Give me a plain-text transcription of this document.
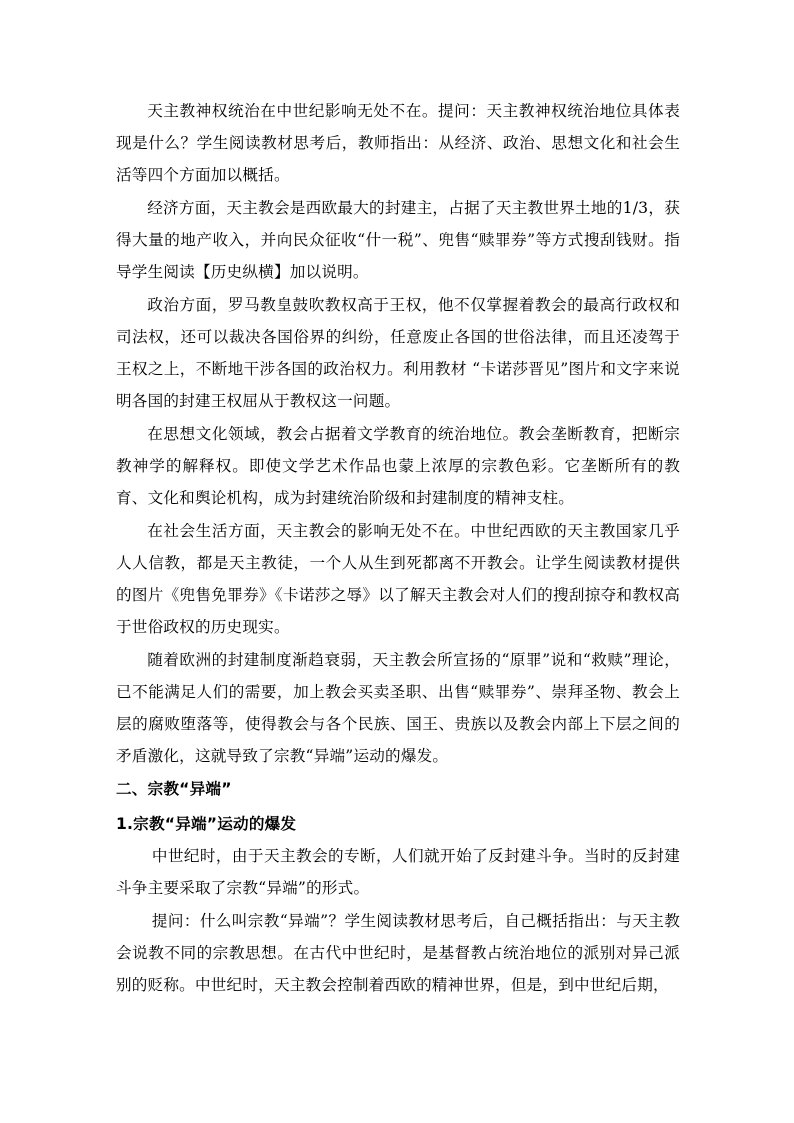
天主教神权统治在中世纪影响无处不在。提问：天主教神权统治地位具体表现是什么？学生阅读教材思考后，教师指出：从经济、政治、思想文化和社会生活等四个方面加以概括。

经济方面，天主教会是西欧最大的封建主，占据了天主教世界土地的1/3，获得大量的地产收入，并向民众征收“什一税”、兜售“赎罪券”等方式搜刮钱财。指导学生阅读【历史纵横】加以说明。

政治方面，罗马教皇鼓吹教权高于王权，他不仅掌握着教会的最高行政权和司法权，还可以裁决各国俗界的纠纷，任意废止各国的世俗法律，而且还凌驾于王权之上，不断地干涉各国的政治权力。利用教材 “卡诺莎晋见”图片和文字来说明各国的封建王权屈从于教权这一问题。

在思想文化领域，教会占据着文学教育的统治地位。教会垄断教育，把断宗教神学的解释权。即使文学艺术作品也蒙上浓厚的宗教色彩。它垄断所有的教育、文化和舆论机构，成为封建统治阶级和封建制度的精神支柱。

在社会生活方面，天主教会的影响无处不在。中世纪西欧的天主教国家几乎人人信教，都是天主教徒，一个人从生到死都离不开教会。让学生阅读教材提供的图片《兜售免罪券》《卡诺莎之辱》以了解天主教会对人们的搜刮掠夺和教权高于世俗政权的历史现实。

随着欧洲的封建制度渐趋衰弱，天主教会所宣扬的“原罪”说和“救赎”理论，已不能满足人们的需要，加上教会买卖圣职、出售“赎罪券”、崇拜圣物、教会上层的腐败堕落等，使得教会与各个民族、国王、贵族以及教会内部上下层之间的矛盾激化，这就导致了宗教“异端”运动的爆发。

二、宗教“异端”
1.宗教“异端”运动的爆发

中世纪时，由于天主教会的专断，人们就开始了反封建斗争。当时的反封建斗争主要采取了宗教“异端”的形式。

提问：什么叫宗教“异端”？学生阅读教材思考后，自己概括指出：与天主教会说教不同的宗教思想。在古代中世纪时，是基督教占统治地位的派别对异己派别的贬称。中世纪时，天主教会控制着西欧的精神世界，但是，到中世纪后期，
